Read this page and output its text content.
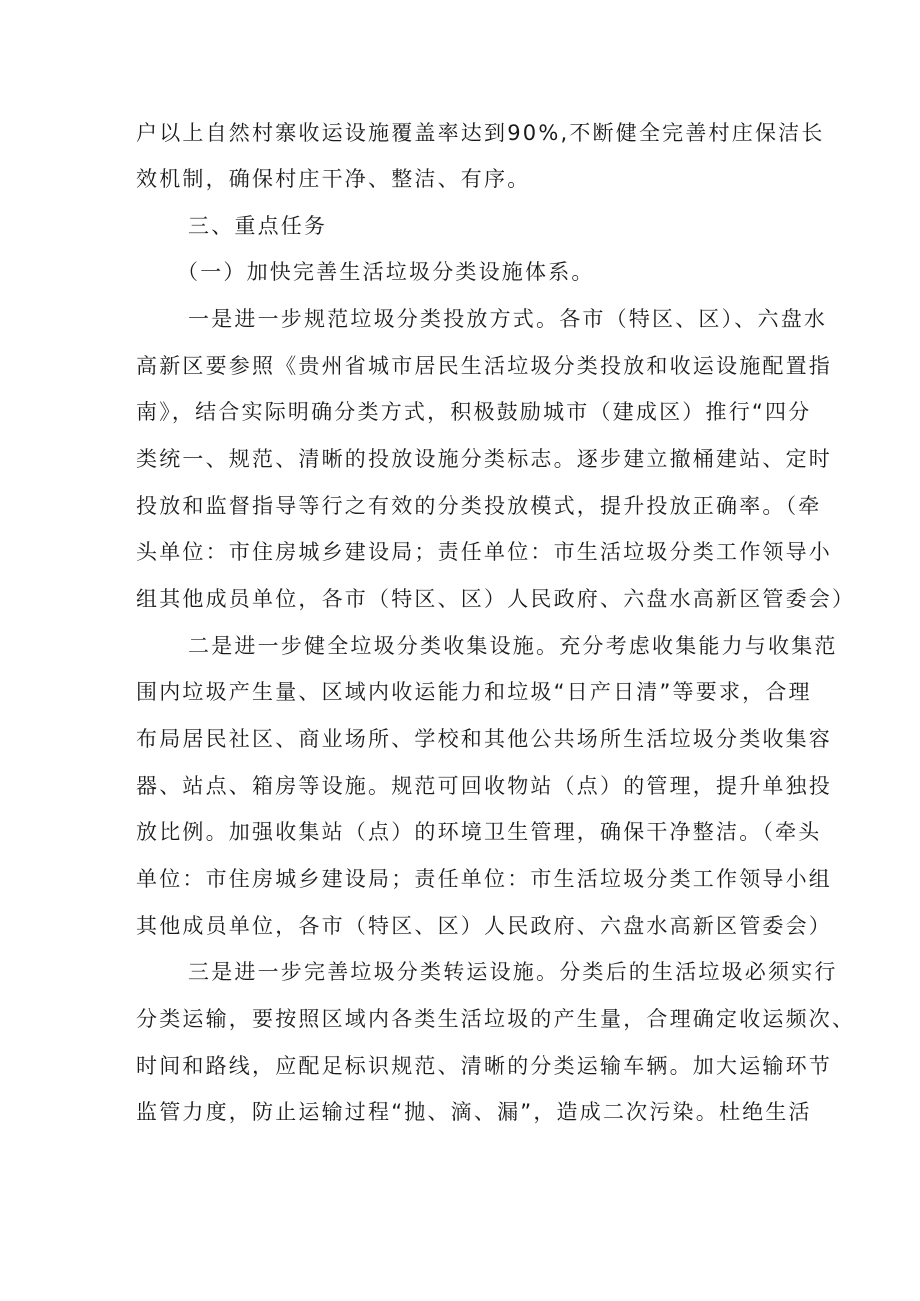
户以上自然村寨收运设施覆盖率达到90%,不断健全完善村庄保洁长
效机制，确保村庄干净、整洁、有序。
三、重点任务
（一）加快完善生活垃圾分类设施体系。
一是进一步规范垃圾分类投放方式。各市（特区、区）、六盘水
高新区要参照《贵州省城市居民生活垃圾分类投放和收运设施配置指
南》，结合实际明确分类方式，积极鼓励城市（建成区）推行“四分
类统一、规范、清晰的投放设施分类标志。逐步建立撤桶建站、定时
投放和监督指导等行之有效的分类投放模式，提升投放正确率。（牵
头单位：市住房城乡建设局；责任单位：市生活垃圾分类工作领导小
组其他成员单位，各市（特区、区）人民政府、六盘水高新区管委会）
二是进一步健全垃圾分类收集设施。充分考虑收集能力与收集范
围内垃圾产生量、区域内收运能力和垃圾“日产日清”等要求，合理
布局居民社区、商业场所、学校和其他公共场所生活垃圾分类收集容
器、站点、箱房等设施。规范可回收物站（点）的管理，提升单独投
放比例。加强收集站（点）的环境卫生管理，确保干净整洁。（牵头
单位：市住房城乡建设局；责任单位：市生活垃圾分类工作领导小组
其他成员单位，各市（特区、区）人民政府、六盘水高新区管委会）
三是进一步完善垃圾分类转运设施。分类后的生活垃圾必须实行
分类运输，要按照区域内各类生活垃圾的产生量，合理确定收运频次、
时间和路线，应配足标识规范、清晰的分类运输车辆。加大运输环节
监管力度，防止运输过程“抛、滴、漏”，造成二次污染。杜绝生活
